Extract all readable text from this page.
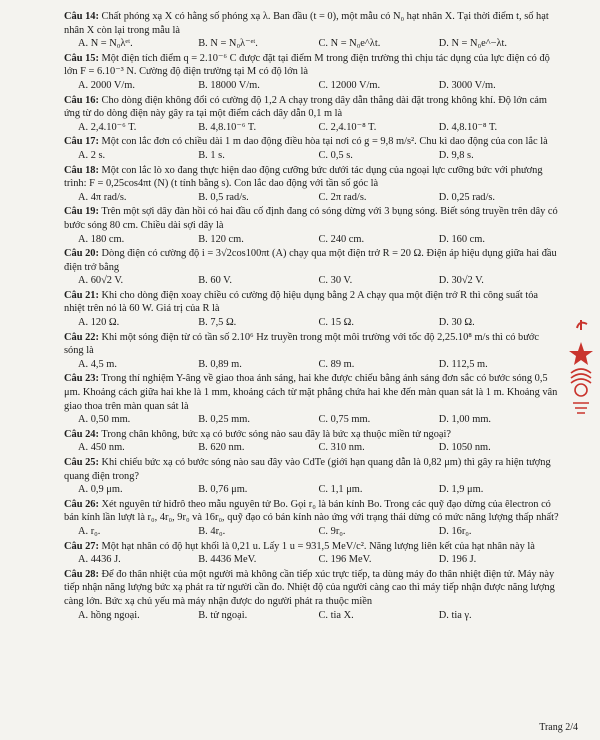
Câu 14: Chất phóng xạ X có hằng số phóng xạ λ. Ban đầu (t = 0), một mẫu có N₀ hạt nhân X. Tại thời điểm t, số hạt nhân X còn lại trong mẫu là

A. N = N₀λᵉᵗ.	B. N = N₀λ⁻ᵉᵗ.	C. N = N₀e^λt.	D. N = N₀e^−λt.

Câu 15: Một điện tích điểm q = 2.10⁻⁶ C được đặt tại điểm M trong điện trường thì chịu tác dụng của lực điện có độ lớn F = 6.10⁻³ N. Cường độ điện trường tại M có độ lớn là

A. 2000 V/m.	B. 18000 V/m.	C. 12000 V/m.	D. 3000 V/m.

Câu 16: Cho dòng điện không đổi có cường độ 1,2 A chạy trong dây dẫn thẳng dài đặt trong không khí. Độ lớn cảm ứng từ do dòng điện này gây ra tại một điểm cách dây dẫn 0,1 m là

A. 2,4.10⁻⁶ T.	B. 4,8.10⁻⁶ T.	C. 2,4.10⁻⁸ T.	D. 4,8.10⁻⁸ T.

Câu 17: Một con lắc đơn có chiều dài 1 m dao động điều hòa tại nơi có g = 9,8 m/s². Chu kì dao động của con lắc là

A. 2 s.	B. 1 s.	C. 0,5 s.	D. 9,8 s.

Câu 18: Một con lắc lò xo đang thực hiện dao động cưỡng bức dưới tác dụng của ngoại lực cưỡng bức với phương trình: F = 0,25cos4πt (N) (t tính bằng s). Con lắc dao động với tần số góc là

A. 4π rad/s.	B. 0,5 rad/s.	C. 2π rad/s.	D. 0,25 rad/s.

Câu 19: Trên một sợi dây đàn hồi có hai đầu cố định đang có sóng dừng với 3 bụng sóng. Biết sóng truyền trên dây có bước sóng 80 cm. Chiều dài sợi dây là

A. 180 cm.	B. 120 cm.	C. 240 cm.	D. 160 cm.

Câu 20: Dòng điện có cường độ i = 3√2cos100πt (A) chạy qua một điện trở R = 20 Ω. Điện áp hiệu dụng giữa hai đầu điện trở bằng

A. 60√2 V.	B. 60 V.	C. 30 V.	D. 30√2 V.

Câu 21: Khi cho dòng điện xoay chiều có cường độ hiệu dụng bằng 2 A chạy qua một điện trở R thì công suất tỏa nhiệt trên nó là 60 W. Giá trị của R là

A. 120 Ω.	B. 7,5 Ω.	C. 15 Ω.	D. 30 Ω.

Câu 22: Khi một sóng điện từ có tần số 2.10⁶ Hz truyền trong một môi trường với tốc độ 2,25.10⁸ m/s thì có bước sóng là

A. 4,5 m.	B. 0,89 m.	C. 89 m.	D. 112,5 m.

Câu 23: Trong thí nghiệm Y-âng về giao thoa ánh sáng, hai khe được chiếu bằng ánh sáng đơn sắc có bước sóng 0,5 μm. Khoảng cách giữa hai khe là 1 mm, khoảng cách từ mặt phẳng chứa hai khe đến màn quan sát là 1 m. Khoảng vân giao thoa trên màn quan sát là

A. 0,50 mm.	B. 0,25 mm.	C. 0,75 mm.	D. 1,00 mm.

Câu 24: Trong chân không, bức xạ có bước sóng nào sau đây là bức xạ thuộc miền tử ngoại?

A. 450 nm.	B. 620 nm.	C. 310 nm.	D. 1050 nm.

Câu 25: Khi chiếu bức xạ có bước sóng nào sau đây vào CdTe (giới hạn quang dẫn là 0,82 μm) thì gây ra hiện tượng quang điện trong?

A. 0,9 μm.	B. 0,76 μm.	C. 1,1 μm.	D. 1,9 μm.

Câu 26: Xét nguyên tử hiđrô theo mẫu nguyên tử Bo. Gọi r₀ là bán kính Bo. Trong các quỹ đạo dừng của êlectron có bán kính lần lượt là r₀, 4r₀, 9r₀ và 16r₀, quỹ đạo có bán kính nào ứng với trạng thái dừng có mức năng lượng thấp nhất?

A. r₀.	B. 4r₀.	C. 9r₀.	D. 16r₀.

Câu 27: Một hạt nhân có độ hụt khối là 0,21 u. Lấy 1 u = 931,5 MeV/c². Năng lượng liên kết của hạt nhân này là

A. 4436 J.	B. 4436 MeV.	C. 196 MeV.	D. 196 J.

Câu 28: Để đo thân nhiệt của một người mà không cần tiếp xúc trực tiếp, ta dùng máy đo thân nhiệt điện tử. Máy này tiếp nhận năng lượng bức xạ phát ra từ người cần đo. Nhiệt độ của người càng cao thì máy tiếp nhận được năng lượng càng lớn. Bức xạ chủ yếu mà máy nhận được do người phát ra thuộc miền

A. hồng ngoại.	B. tử ngoại.	C. tia X.	D. tia γ.
Trang 2/4
